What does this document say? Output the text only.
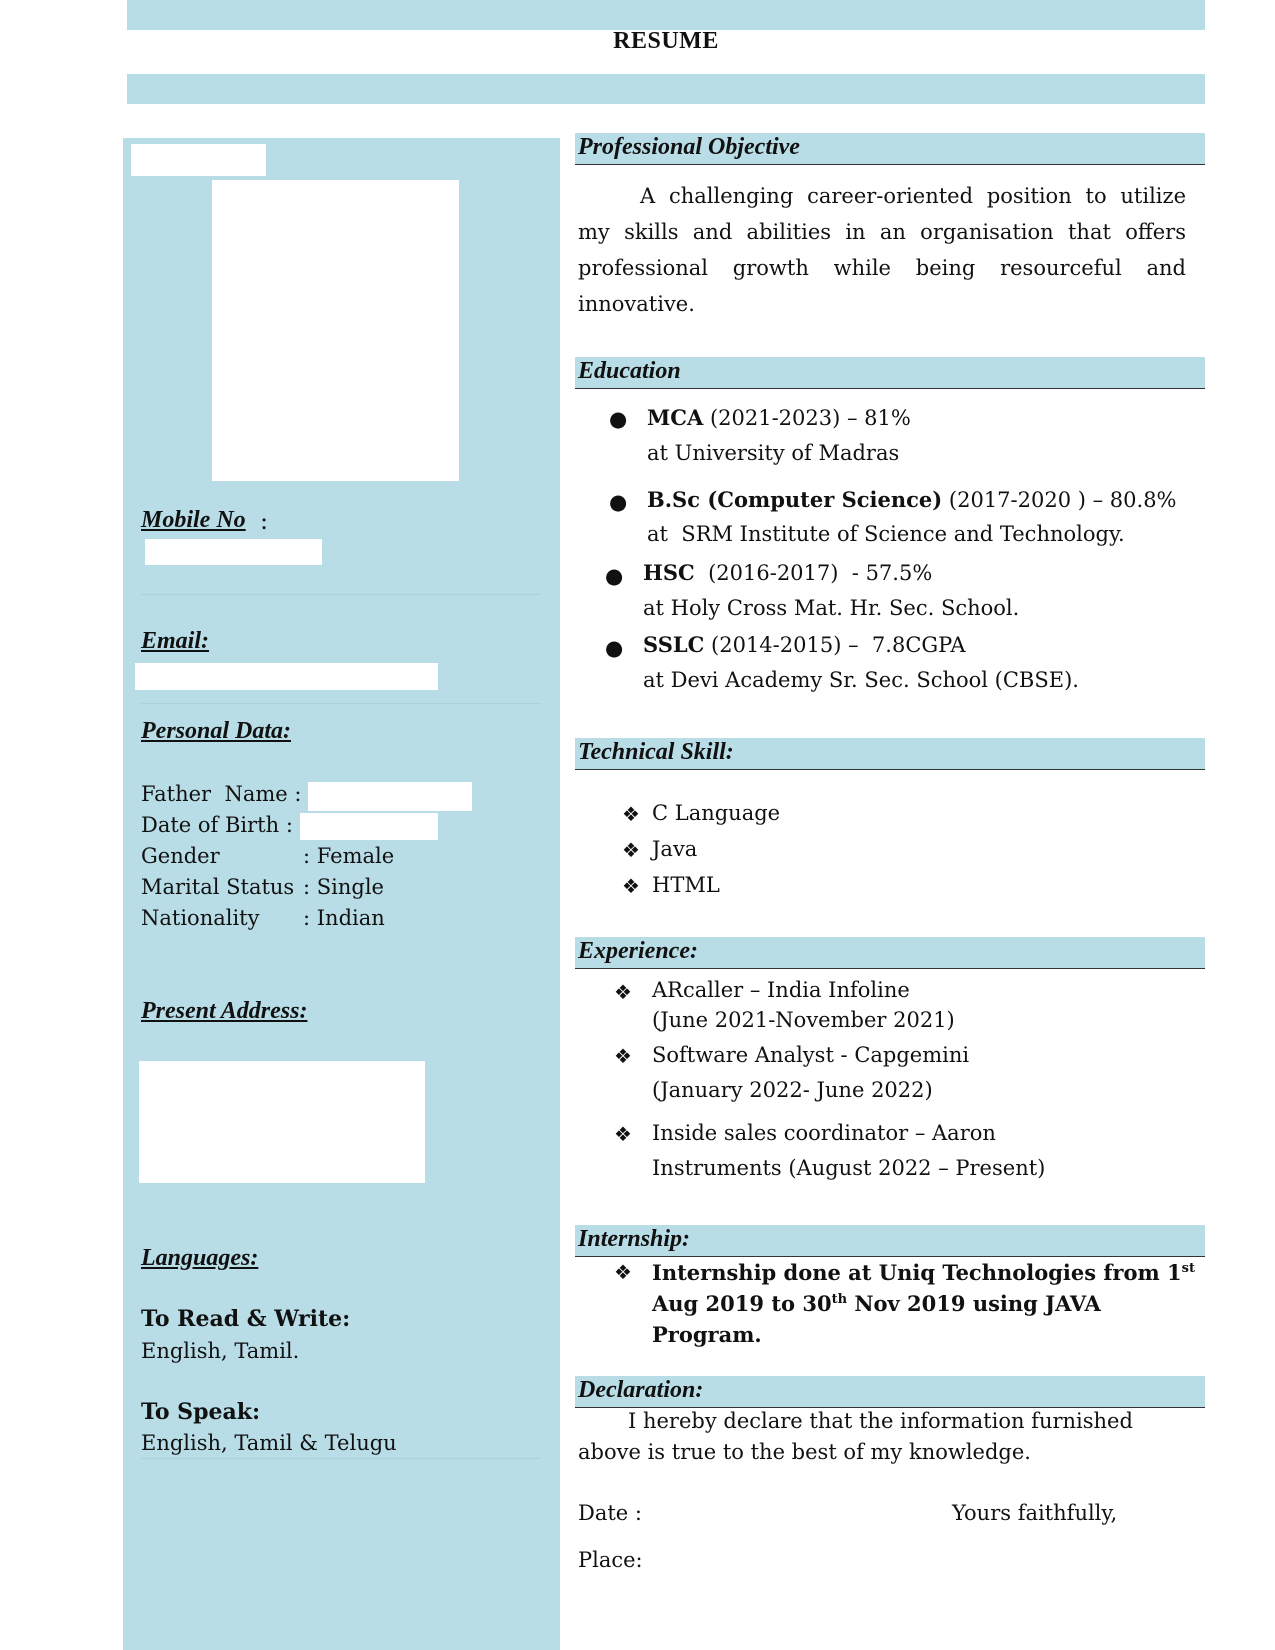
RESUME
Mobile No :
Email:
Personal Data:
Father  Name :
Date of Birth :
Gender	: Female
Marital Status : Single
Nationality : Indian
Present Address:
Languages:
To Read & Write:
English, Tamil.
To Speak:
English, Tamil & Telugu
Professional Objective
A challenging career-oriented position to utilize my skills and abilities in an organisation that offers professional growth while being resourceful and innovative.
Education
● MCA (2021-2023) – 81%
at University of Madras
● B.Sc (Computer Science) (2017-2020 ) – 80.8%
at  SRM Institute of Science and Technology.
● HSC  (2016-2017)  - 57.5%
at Holy Cross Mat. Hr. Sec. School.
● SSLC (2014-2015) –  7.8CGPA
at Devi Academy Sr. Sec. School (CBSE).
Technical Skill:
❖ C Language
❖ Java
❖ HTML
Experience:
❖ ARcaller – India Infoline
(June 2021-November 2021)
❖ Software Analyst - Capgemini
(January 2022- June 2022)
❖ Inside sales coordinator – Aaron
Instruments (August 2022 – Present)
Internship:
❖ Internship done at Uniq Technologies from 1st
Aug 2019 to 30th Nov 2019 using JAVA
Program.
Declaration:
I hereby declare that the information furnished
above is true to the best of my knowledge.
Date :	Yours faithfully,
Place:
